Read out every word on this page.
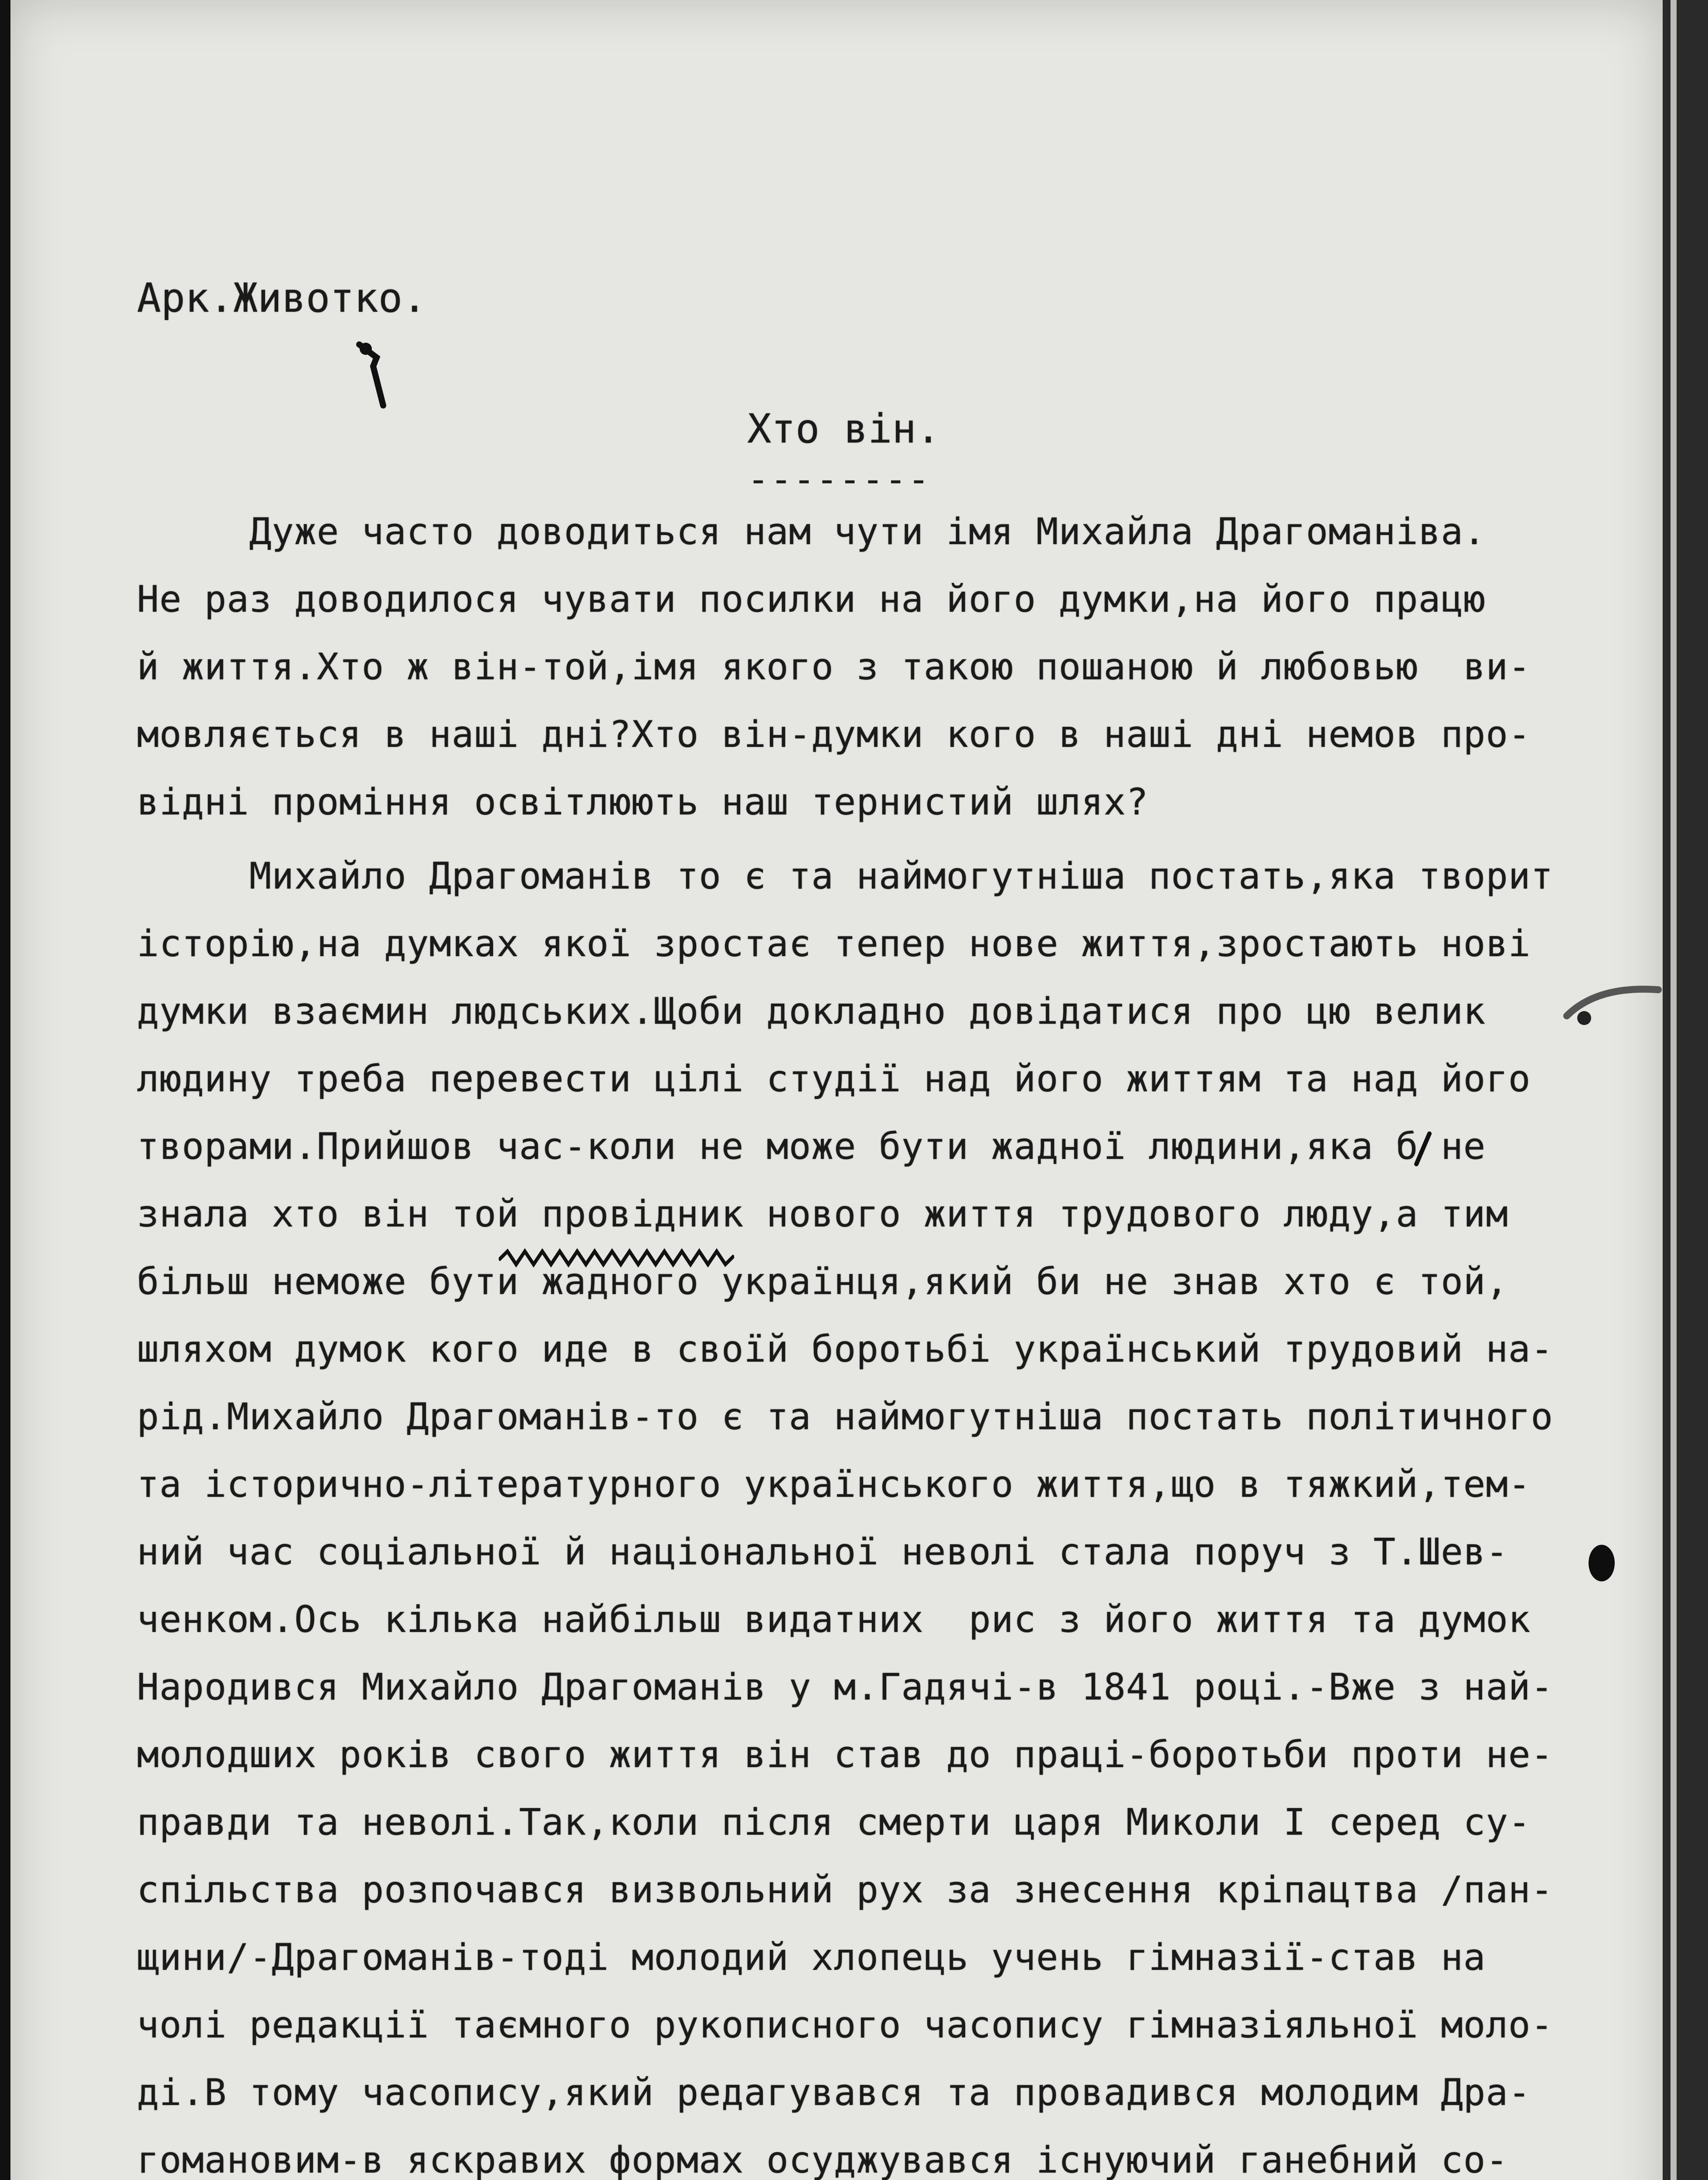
Арк.Животко.
Хто він.
--------
Дуже часто доводиться нам чути імя Михайла Драгоманіва.
Не раз доводилося чувати посилки на його думки,на його працю
й життя.Хто ж він-той,імя якого з такою пошаною й любовью  ви-
мовляється в наші дні?Хто він-думки кого в наші дні немов про-
відні проміння освітлюють наш тернистий шлях?
Михайло Драгоманів то є та наймогутніша постать,яка творит
історію,на думках якої зростає тепер нове життя,зростають нові
думки взаємин людських.Щоби докладно довідатися про цю велик
людину треба перевести цілі студії над його життям та над його
творами.Прийшов час-коли не може бути жадної людини,яка б не
знала хто він той провідник нового життя трудового люду,а тим
більш неможе бути жадного українця,який би не знав хто є той,
шляхом думок кого иде в своїй боротьбі український трудовий на-
рід.Михайло Драгоманів-то є та наймогутніша постать політичного
та історично-літературного українського життя,що в тяжкий,тем-
ний час соціальної й національної неволі стала поруч з Т.Шев-
ченком.Ось кілька найбільш видатних  рис з його життя та думок
Народився Михайло Драгоманів у м.Гадячі-в 1841 році.-Вже з най-
молодших років свого життя він став до праці-боротьби проти не-
правди та неволі.Так,коли після смерти царя Миколи І серед су-
спільства розпочався визвольний рух за знесення кріпацтва /пан-
щини/-Драгоманів-тоді молодий хлопець учень гімназії-став на
чолі редакції таємного рукописного часопису гімназіяльної моло-
ді.В тому часопису,який редагувався та провадився молодим Дра-
гомановим-в яскравих формах осуджувався існуючий ганебний со-
